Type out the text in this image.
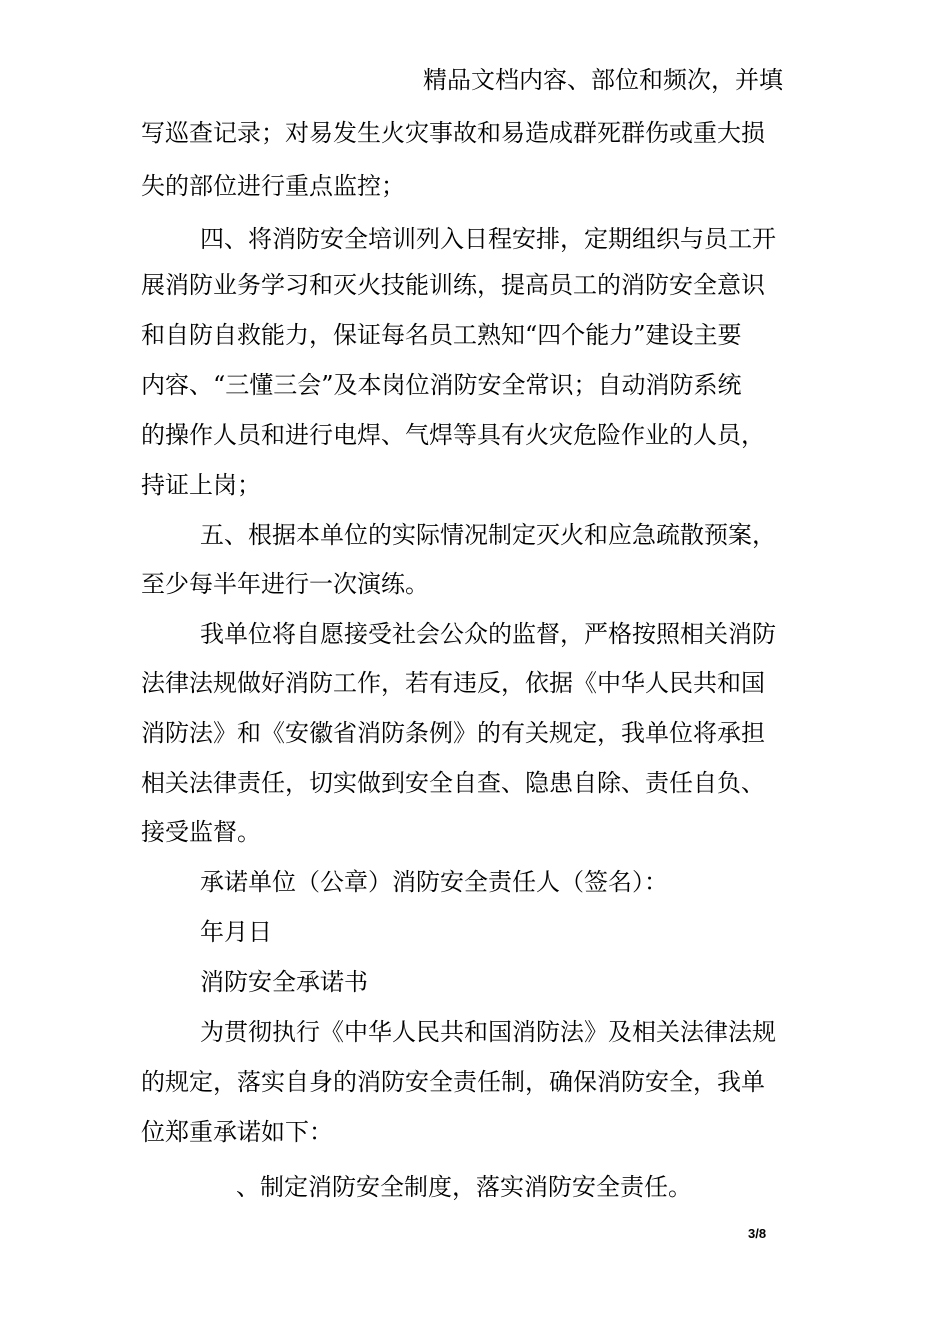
精品文档内容、部位和频次，并填
写巡查记录；对易发生火灾事故和易造成群死群伤或重大损
失的部位进行重点监控；
四、将消防安全培训列入日程安排，定期组织与员工开
展消防业务学习和灭火技能训练，提高员工的消防安全意识
和自防自救能力，保证每名员工熟知“四个能力”建设主要
内容、“三懂三会”及本岗位消防安全常识；自动消防系统
的操作人员和进行电焊、气焊等具有火灾危险作业的人员，
持证上岗；
五、根据本单位的实际情况制定灭火和应急疏散预案，
至少每半年进行一次演练。
我单位将自愿接受社会公众的监督，严格按照相关消防
法律法规做好消防工作，若有违反，依据《中华人民共和国
消防法》和《安徽省消防条例》的有关规定，我单位将承担
相关法律责任，切实做到安全自查、隐患自除、责任自负、
接受监督。
承诺单位（公章）消防安全责任人（签名）：
年月日
消防安全承诺书
为贯彻执行《中华人民共和国消防法》及相关法律法规
的规定，落实自身的消防安全责任制，确保消防安全，我单
位郑重承诺如下：
、制定消防安全制度，落实消防安全责任。
3/8
